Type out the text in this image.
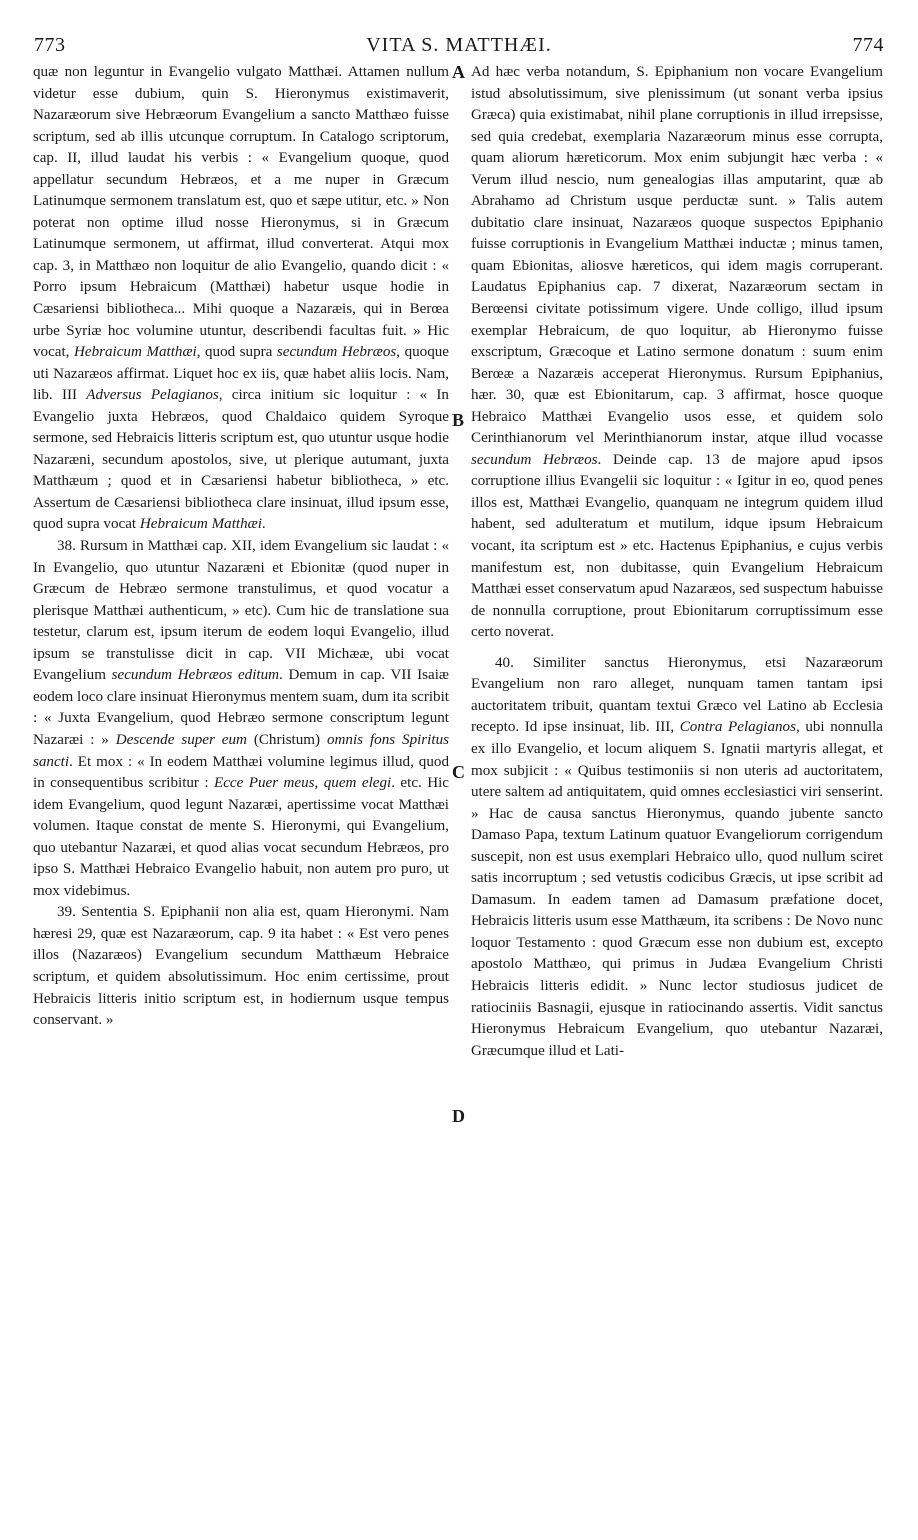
773	VITA S. MATTHÆI.	774
A
B
C
D

quæ non leguntur in Evangelio vulgato Matthæi. Attamen nullum videtur esse dubium, quin S. Hieronymus existimaverit, Nazaræorum sive Hebræorum Evangelium a sancto Matthæo fuisse scriptum, sed ab illis utcunque corruptum. In Catalogo scriptorum, cap. II, illud laudat his verbis : « Evangelium quoque, quod appellatur secundum Hebræos, et a me nuper in Græcum Latinumque sermonem translatum est, quo et sæpe utitur, etc. » Non poterat non optime illud nosse Hieronymus, si in Græcum Latinumque sermonem, ut affirmat, illud converterat. Atqui mox cap. 3, in Matthæo non loquitur de alio Evangelio, quando dicit : « Porro ipsum Hebraicum (Matthæi) habetur usque hodie in Cæsariensi bibliotheca... Mihi quoque a Nazaræis, qui in Berœa urbe Syriæ hoc volumine utuntur, describendi facultas fuit. » Hic vocat, Hebraicum Matthæi, quod supra secundum Hebræos, quoque uti Nazaræos affirmat. Liquet hoc ex iis, quæ habet aliis locis. Nam, lib. III Adversus Pelagianos, circa initium sic loquitur : « In Evangelio juxta Hebræos, quod Chaldaico quidem Syroque sermone, sed Hebraicis litteris scriptum est, quo utuntur usque hodie Nazaræni, secundum apostolos, sive, ut plerique autumant, juxta Matthæum ; quod et in Cæsariensi habetur bibliotheca, » etc. Assertum de Cæsariensi bibliotheca clare insinuat, illud ipsum esse, quod supra vocat Hebraicum Matthæi.

38. Rursum in Matthæi cap. XII, idem Evangelium sic laudat : « In Evangelio, quo utuntur Nazaræni et Ebionitæ (quod nuper in Græcum de Hebræo sermone transtulimus, et quod vocatur a plerisque Matthæi authenticum, » etc). Cum hic de translatione sua testetur, clarum est, ipsum iterum de eodem loqui Evangelio, illud ipsum se transtulisse dicit in cap. VII Michææ, ubi vocat Evangelium secundum Hebræos editum. Demum in cap. VII Isaiæ eodem loco clare insinuat Hieronymus mentem suam, dum ita scribit : « Juxta Evangelium, quod Hebræo sermone conscriptum legunt Nazaræi : » Descende super eum (Christum) omnis fons Spiritus sancti. Et mox : « In eodem Matthæi volumine legimus illud, quod in consequentibus scribitur : Ecce Puer meus, quem elegi. etc. Hic idem Evangelium, quod legunt Nazaræi, apertissime vocat Matthæi volumen. Itaque constat de mente S. Hieronymi, qui Evangelium, quo utebantur Nazaræi, et quod alias vocat secundum Hebræos, pro ipso S. Matthæi Hebraico Evangelio habuit, non autem pro puro, ut mox videbimus.

39. Sententia S. Epiphanii non alia est, quam Hieronymi. Nam hæresi 29, quæ est Nazaræorum, cap. 9 ita habet : « Est vero penes illos (Nazaræos) Evangelium secundum Matthæum Hebraice scriptum, et quidem absolutissimum. Hoc enim certissime, prout Hebraicis litteris initio scriptum est, in hodiernum usque tempus conservant. »

Ad hæc verba notandum, S. Epiphanium non vocare Evangelium istud absolutissimum, sive plenissimum (ut sonant verba ipsius Græca) quia existimabat, nihil plane corruptionis in illud irrepsisse, sed quia credebat, exemplaria Nazaræorum minus esse corrupta, quam aliorum hæreticorum. Mox enim subjungit hæc verba : « Verum illud nescio, num genealogias illas amputarint, quæ ab Abrahamo ad Christum usque perductæ sunt. » Talis autem dubitatio clare insinuat, Nazaræos quoque suspectos Epiphanio fuisse corruptionis in Evangelium Matthæi inductæ ; minus tamen, quam Ebionitas, aliosve hæreticos, qui idem magis corruperant. Laudatus Epiphanius cap. 7 dixerat, Nazaræorum sectam in Berœensi civitate potissimum vigere. Unde colligo, illud ipsum exemplar Hebraicum, de quo loquitur, ab Hieronymo fuisse exscriptum, Græcoque et Latino sermone donatum : suum enim Berœæ a Nazaræis acceperat Hieronymus. Rursum Epiphanius, hær. 30, quæ est Ebionitarum, cap. 3 affirmat, hosce quoque Hebraico Matthæi Evangelio usos esse, et quidem solo Cerinthianorum vel Merinthianorum instar, atque illud vocasse secundum Hebræos. Deinde cap. 13 de majore apud ipsos corruptione illius Evangelii sic loquitur : « Igitur in eo, quod penes illos est, Matthæi Evangelio, quanquam ne integrum quidem illud habent, sed adulteratum et mutilum, idque ipsum Hebraicum vocant, ita scriptum est » etc. Hactenus Epiphanius, e cujus verbis manifestum est, non dubitasse, quin Evangelium Hebraicum Matthæi esset conservatum apud Nazaræos, sed suspectum habuisse de nonnulla corruptione, prout Ebionitarum corruptissimum esse certo noverat.

40. Similiter sanctus Hieronymus, etsi Nazaræorum Evangelium non raro alleget, nunquam tamen tantam ipsi auctoritatem tribuit, quantam textui Græco vel Latino ab Ecclesia recepto. Id ipse insinuat, lib. III, Contra Pelagianos, ubi nonnulla ex illo Evangelio, et locum aliquem S. Ignatii martyris allegat, et mox subjicit : « Quibus testimoniis si non uteris ad auctoritatem, utere saltem ad antiquitatem, quid omnes ecclesiastici viri senserint. » Hac de causa sanctus Hieronymus, quando jubente sancto Damaso Papa, textum Latinum quatuor Evangeliorum corrigendum suscepit, non est usus exemplari Hebraico ullo, quod nullum sciret satis incorruptum ; sed vetustis codicibus Græcis, ut ipse scribit ad Damasum. In eadem tamen ad Damasum præfatione docet, Hebraicis litteris usum esse Matthæum, ita scribens : De Novo nunc loquor Testamento : quod Græcum esse non dubium est, excepto apostolo Matthæo, qui primus in Judæa Evangelium Christi Hebraicis litteris edidit. » Nunc lector studiosus judicet de ratiociniis Basnagii, ejusque in ratiocinando assertis. Vidit sanctus Hieronymus Hebraicum Evangelium, quo utebantur Nazaræi, Græcumque illud et Lati-
